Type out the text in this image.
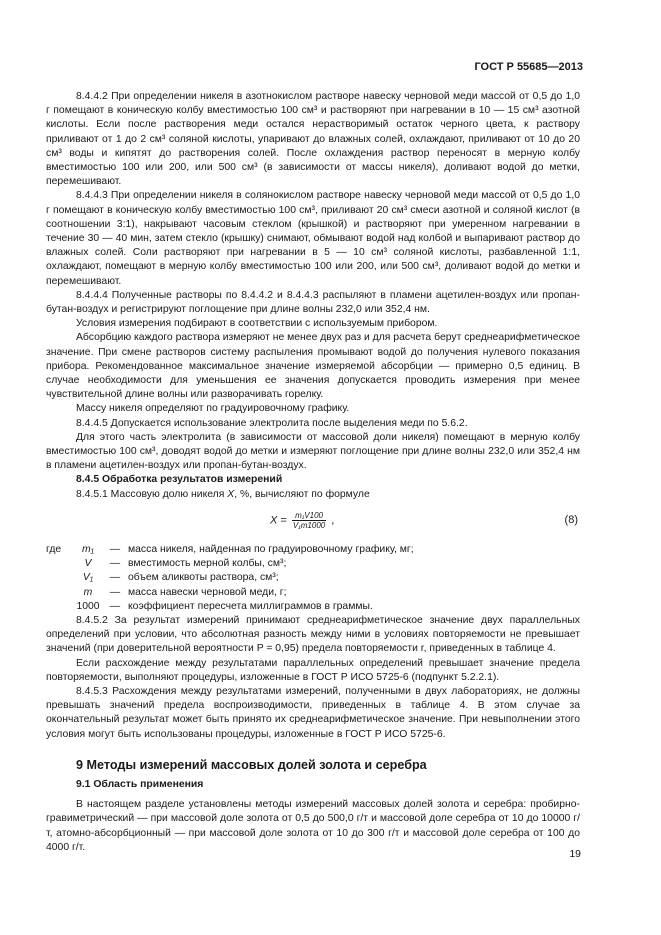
ГОСТ Р 55685—2013

8.4.4.2 При определении никеля в азотнокислом растворе навеску черновой меди массой от 0,5 до 1,0 г помещают в коническую колбу вместимостью 100 см³ и растворяют при нагревании в 10 — 15 см³ азотной кислоты. Если после растворения меди остался нерастворимый остаток черного цвета, к раствору приливают от 1 до 2 см³ соляной кислоты, упаривают до влажных солей, охлаждают, приливают от 10 до 20 см³ воды и кипятят до растворения солей. После охлаждения раствор переносят в мерную колбу вместимостью 100 или 200, или 500 см³ (в зависимости от массы никеля), доливают водой до метки, перемешивают.

8.4.4.3 При определении никеля в солянокислом растворе навеску черновой меди массой от 0,5 до 1,0 г помещают в коническую колбу вместимостью 100 см³, приливают 20 см³ смеси азотной и соляной кислот (в соотношении 3:1), накрывают часовым стеклом (крышкой) и растворяют при умеренном нагревании в течение 30 — 40 мин, затем стекло (крышку) снимают, обмывают водой над колбой и выпаривают раствор до влажных солей. Соли растворяют при нагревании в 5 — 10 см³ соляной кислоты, разбавленной 1:1, охлаждают, помещают в мерную колбу вместимостью 100 или 200, или 500 см³, доливают водой до метки и перемешивают.

8.4.4.4 Полученные растворы по 8.4.4.2 и 8.4.4.3 распыляют в пламени ацетилен-воздух или пропан-бутан-воздух и регистрируют поглощение при длине волны 232,0 или 352,4 нм.

Условия измерения подбирают в соответствии с используемым прибором.

Абсорбцию каждого раствора измеряют не менее двух раз и для расчета берут среднеарифметическое значение. При смене растворов систему распыления промывают водой до получения нулевого показания прибора. Рекомендованное максимальное значение измеряемой абсорбции — примерно 0,5 единиц. В случае необходимости для уменьшения ее значения допускается проводить измерения при менее чувствительной длине волны или разворачивать горелку.

Массу никеля определяют по градуировочному графику.

8.4.4.5 Допускается использование электролита после выделения меди по 5.6.2.

Для этого часть электролита (в зависимости от массовой доли никеля) помещают в мерную колбу вместимостью 100 см³, доводят водой до метки и измеряют поглощение при длине волны 232,0 или 352,4 нм в пламени ацетилен-воздух или пропан-бутан-воздух.

8.4.5 Обработка результатов измерений

8.4.5.1 Массовую долю никеля X, %, вычисляют по формуле

$X = \frac{\text{m₁V100}}{\text{V₁m1000}}$ ,	(8)
где	m₁	—	масса никеля, найденная по градуировочному графику, мг;
	V	—	вместимость мерной колбы, см³;
	V₁	—	объем аликвоты раствора, см³;
	m	—	масса навески черновой меди, г;
	1000	—	коэффициент пересчета миллиграммов в граммы.

8.4.5.2 За результат измерений принимают среднеарифметическое значение двух параллельных определений при условии, что абсолютная разность между ними в условиях повторяемости не превышает значений (при доверительной вероятности P = 0,95) предела повторяемости r, приведенных в таблице 4.

Если расхождение между результатами параллельных определений превышает значение предела повторяемости, выполняют процедуры, изложенные в ГОСТ Р ИСО 5725-6 (подпункт 5.2.2.1).

8.4.5.3 Расхождения между результатами измерений, полученными в двух лабораториях, не должны превышать значений предела воспроизводимости, приведенных в таблице 4. В этом случае за окончательный результат может быть принято их среднеарифметическое значение. При невыполнении этого условия могут быть использованы процедуры, изложенные в ГОСТ Р ИСО 5725-6.

9 Методы измерений массовых долей золота и серебра
9.1 Область применения

В настоящем разделе установлены методы измерений массовых долей золота и серебра: пробирно-гравиметрический — при массовой доле золота от 0,5 до 500,0 г/т и массовой доле серебра от 10 до 10000 г/т, атомно-абсорбционный — при массовой доле золота от 10 до 300 г/т и массовой доле серебра от 100 до 4000 г/т.

19
